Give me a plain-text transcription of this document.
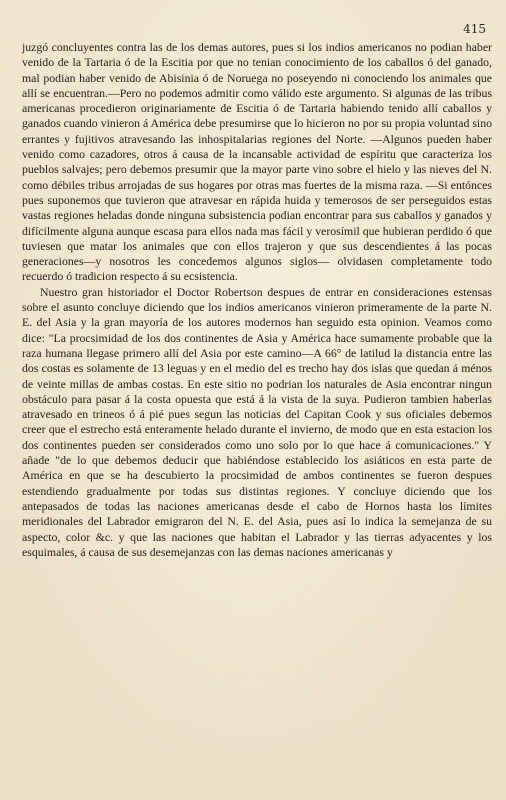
415

juzgó concluyentes contra las de los demas autores, pues si los indios americanos no podian haber venido de la Tartaria ó de la Escitia por que no tenian conocimiento de los caballos ó del ganado, mal podian haber venido de Abisinia ó de Noruega no poseyendo ni conociendo los animales que allí se encuentran.—Pero no podemos admitir como válido este argumento. Si algunas de las tribus americanas procedieron originariamente de Escitia ó de Tartaria habiendo tenido allí caballos y ganados cuando vinieron á América debe presumirse que lo hicieron no por su propia voluntad sino errantes y fujitivos atravesando las inhospitalarias regiones del Norte. —Algunos pueden haber venido como cazadores, otros á causa de la incansable actividad de espíritu que caracteriza los pueblos salvajes; pero debemos presumir que la mayor parte vino sobre el hielo y las nieves del N. como débiles tribus arrojadas de sus hogares por otras mas fuertes de la misma raza. —Si entónces pues suponemos que tuvieron que atravesar en rápida huida y temerosos de ser perseguidos estas vastas regiones heladas donde ninguna subsistencia podian encontrar para sus caballos y ganados y difícilmente alguna aunque escasa para ellos nada mas fácil y verosímil que hubieran perdido ó que tuviesen que matar los animales que con ellos trajeron y que sus descendientes á las pocas generaciones—y nosotros les concedemos algunos siglos— olvidasen completamente todo recuerdo ó tradicion respecto á su ecsistencia.

Nuestro gran historiador el Doctor Robertson despues de entrar en consideraciones estensas sobre el asunto concluye diciendo que los indios americanos vinieron primeramente de la parte N. E. del Asia y la gran mayoría de los autores modernos han seguido esta opinion. Veamos como dice: "La procsimidad de los dos continentes de Asia y América hace sumamente probable que la raza humana llegase primero allí del Asia por este camino—A 66° de latilud la distancia entre las dos costas es solamente de 13 leguas y en el medio del es trecho hay dos islas que quedan á ménos de veinte millas de ambas costas. En este sitio no podrian los naturales de Asia encontrar ningun obstáculo para pasar á la costa opuesta que está á la vista de la suya. Pudieron tambien haberlas atravesado en trineos ó á pié pues segun las noticias del Capitan Cook y sus oficiales debemos creer que el estrecho está enteramente helado durante el invierno, de modo que en esta estacion los dos continentes pueden ser considerados como uno solo por lo que hace á comunicaciones." Y añade "de lo que debemos deducir que habiéndose establecido los asiáticos en esta parte de América en que se ha descubierto la procsimidad de ambos continentes se fueron despues estendiendo gradualmente por todas sus distintas regiones. Y concluye diciendo que los antepasados de todas las naciones americanas desde el cabo de Hornos hasta los límites meridionales del Labrador emigraron del N. E. del Asia, pues así lo indica la semejanza de su aspecto, color &c. y que las naciones que habitan el Labrador y las tierras adyacentes y los esquimales, á causa de sus desemejanzas con las demas naciones americanas y
